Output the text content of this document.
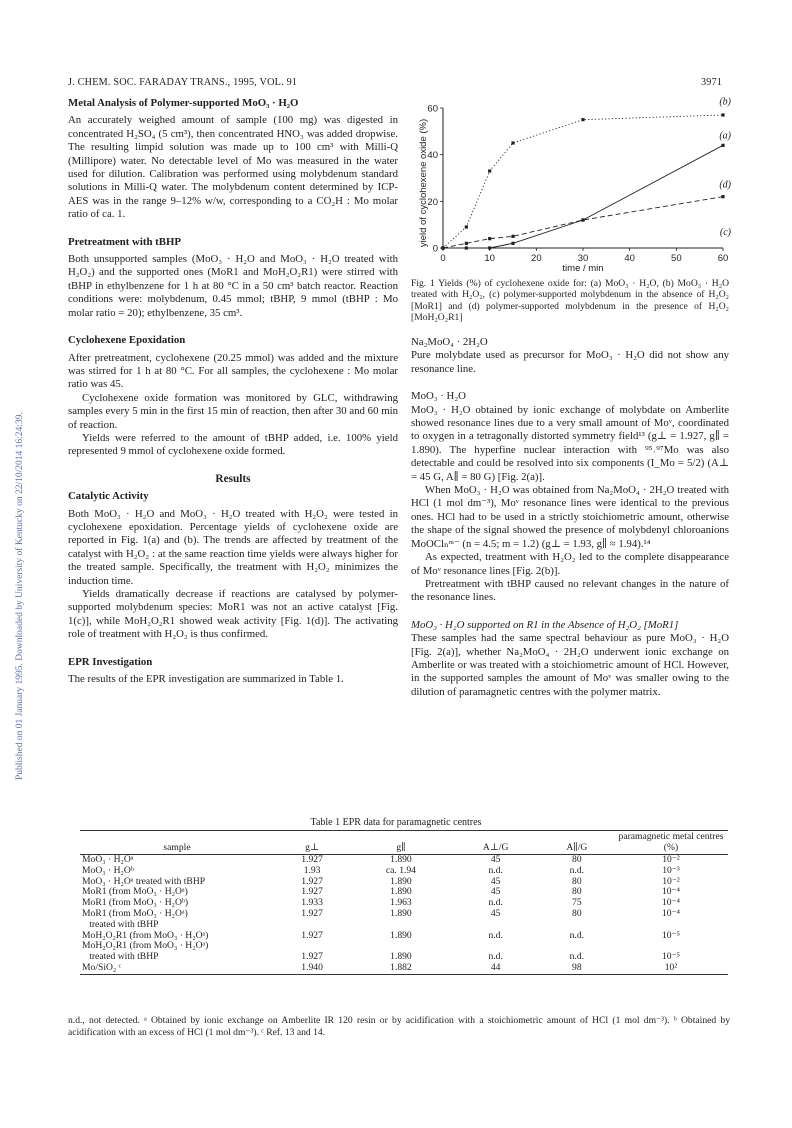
Published on 01 January 1995. Downloaded by University of Kentucky on 22/10/2014 16:24:39.
J. CHEM. SOC. FARADAY TRANS., 1995, VOL. 91	3971
Metal Analysis of Polymer-supported MoO₃ · H₂O

An accurately weighed amount of sample (100 mg) was digested in concentrated H₂SO₄ (5 cm³), then concentrated HNO₃ was added dropwise. The resulting limpid solution was made up to 100 cm³ with Milli-Q (Millipore) water. No detectable level of Mo was measured in the water used for dilution. Calibration was performed using molybdenum standard solutions in Milli-Q water. The molybdenum content determined by ICP-AES was in the range 9–12% w/w, corresponding to a CO₂H : Mo molar ratio of ca. 1.

Pretreatment with tBHP

Both unsupported samples (MoO₃ · H₂O and MoO₃ · H₂O treated with H₂O₂) and the supported ones (MoR1 and MoH₂O₂R1) were stirred with tBHP in ethylbenzene for 1 h at 80 °C in a 50 cm³ batch reactor. Reaction conditions were: molybdenum, 0.45 mmol; tBHP, 9 mmol (tBHP : Mo molar ratio = 20); ethylbenzene, 35 cm³.

Cyclohexene Epoxidation

After pretreatment, cyclohexene (20.25 mmol) was added and the mixture was stirred for 1 h at 80 °C. For all samples, the cyclohexene : Mo molar ratio was 45.

Cyclohexene oxide formation was monitored by GLC, withdrawing samples every 5 min in the first 15 min of reaction, then after 30 and 60 min of reaction.

Yields were referred to the amount of tBHP added, i.e. 100% yield represented 9 mmol of cyclohexene oxide formed.

Results

Catalytic Activity

Both MoO₃ · H₂O and MoO₃ · H₂O treated with H₂O₂ were tested in cyclohexene epoxidation. Percentage yields of cyclohexene oxide are reported in Fig. 1(a) and (b). The trends are affected by treatment of the catalyst with H₂O₂ : at the same reaction time yields were always higher for the treated sample. Specifically, the treatment with H₂O₂ minimizes the induction time.

Yields dramatically decrease if reactions are catalysed by polymer-supported molybdenum species: MoR1 was not an active catalyst [Fig. 1(c)], while MoH₂O₂R1 showed weak activity [Fig. 1(d)]. The activating role of treatment with H₂O₂ is thus confirmed.

EPR Investigation

The results of the EPR investigation are summarized in Table 1.

0	10	20	30	40	50	60
0
20
40
60
time / min
yield of cyclohexene oxide (%)	(a)
(b)
(c)
(d)
Fig. 1 Yields (%) of cyclohexene oxide for: (a) MoO₃ · H₂O, (b) MoO₃ · H₂O treated with H₂O₂, (c) polymer-supported molybdenum in the absence of H₂O₂ [MoR1] and (d) polymer-supported molybdenum in the presence of H₂O₂ [MoH₂O₂R1]
Na₂MoO₄ · 2H₂O

Pure molybdate used as precursor for MoO₃ · H₂O did not show any resonance line.

MoO₃ · H₂O

MoO₃ · H₂O obtained by ionic exchange of molybdate on Amberlite showed resonance lines due to a very small amount of Moᵛ, coordinated to oxygen in a tetragonally distorted symmetry field¹³ (g⊥ = 1.927, g∥ = 1.890). The hyperfine nuclear interaction with ⁹⁵˒⁹⁷Mo was also detectable and could be resolved into six components (I_Mo = 5/2) (A⊥ = 45 G, A∥ = 80 G) [Fig. 2(a)].

When MoO₃ · H₂O was obtained from Na₂MoO₄ · 2H₂O treated with HCl (1 mol dm⁻³), Moᵛ resonance lines were identical to the previous ones. HCl had to be used in a strictly stoichiometric amount, otherwise the shape of the signal showed the presence of molybdenyl chloroanions MoOClₙᵐ⁻ (n = 4.5; m = 1.2) (g⊥ = 1.93, g∥ ≈ 1.94).¹⁴

As expected, treatment with H₂O₂ led to the complete disappearance of Moᵛ resonance lines [Fig. 2(b)].

Pretreatment with tBHP caused no relevant changes in the nature of the resonance lines.

MoO₃ · H₂O supported on R1 in the Absence of H₂O₂ [MoR1]

These samples had the same spectral behaviour as pure MoO₃ · H₂O [Fig. 2(a)], whether Na₂MoO₄ · 2H₂O underwent ionic exchange on Amberlite or was treated with a stoichiometric amount of HCl. However, in the supported samples the amount of Moᵛ was smaller owing to the dilution of paramagnetic centres with the polymer matrix.

Table 1 EPR data for paramagnetic centres
sample	g⊥	g∥	A⊥/G	A∥/G	paramagnetic metal centres (%)
MoO₃ · H₂Oᵃ	1.927	1.890	45	80	10⁻²
MoO₃ · H₂Oᵇ	1.93	ca. 1.94	n.d.	n.d.	10⁻³
MoO₃ · H₂Oᵃ treated with tBHP	1.927	1.890	45	80	10⁻²
MoR1 (from MoO₃ · H₂Oᵃ)	1.927	1.890	45	80	10⁻⁴
MoR1 (from MoO₃ · H₂Oᵇ)	1.933	1.963	n.d.	75	10⁻⁴
MoR1 (from MoO₃ · H₂Oᵃ)	1.927	1.890	45	80	10⁻⁴
treated with tBHP					
MoH₂O₂R1 (from MoO₃ · H₂Oᵃ)	1.927	1.890	n.d.	n.d.	10⁻⁵
MoH₂O₂R1 (from MoO₃ · H₂Oᵃ)					
treated with tBHP	1.927	1.890	n.d.	n.d.	10⁻⁵
Mo/SiO₂ ᶜ	1.940	1.882	44	98	10²
n.d., not detected. ᵃ Obtained by ionic exchange on Amberlite IR 120 resin or by acidification with a stoichiometric amount of HCl (1 mol dm⁻³). ᵇ Obtained by acidification with an excess of HCl (1 mol dm⁻³). ᶜ Ref. 13 and 14.
